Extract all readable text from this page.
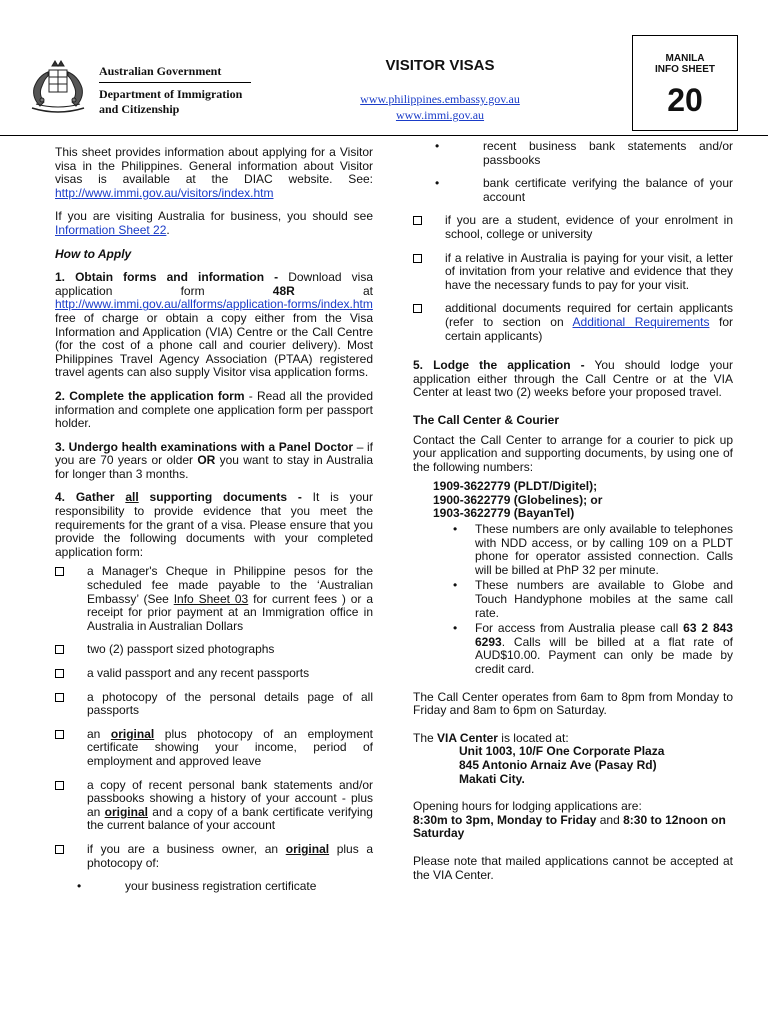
Australian Government
Department of Immigration
and Citizenship
VISITOR VISAS
www.philippines.embassy.gov.au
www.immi.gov.au
MANILA
INFO SHEET
20

This sheet provides information about applying for a Visitor visa in the Philippines. General information about Visitor visas is available at the DIAC website. See: http://www.immi.gov.au/visitors/index.htm

If you are visiting Australia for business, you should see Information Sheet 22.

How to Apply

1. Obtain forms and information - Download visa application form	48R	at http://www.immi.gov.au/allforms/application-forms/index.htm free of charge or obtain a copy either from the Visa Information and Application (VIA) Centre or the Call Centre (for the cost of a phone call and courier delivery). Most Philippines Travel Agency Association (PTAA) registered travel agents can also supply Visitor visa application forms.

2. Complete the application form - Read all the provided information and complete one application form per passport holder.

3. Undergo health examinations with a Panel Doctor – if you are 70 years or older OR you want to stay in Australia for longer than 3 months.

4. Gather all supporting documents - It is your responsibility to provide evidence that you meet the requirements for the grant of a visa. Please ensure that you provide the following documents with your completed application form:

a Manager's Cheque in Philippine pesos for the scheduled fee made payable to the ‘Australian Embassy’ (See Info Sheet 03 for current fees ) or a receipt for prior payment at an Immigration office in Australia in Australian Dollars
two (2) passport sized photographs
a valid passport and any recent passports
a photocopy of the personal details page of all passports
an original plus photocopy of an employment certificate showing your income, period of employment and approved leave
a copy of recent personal bank statements and/or passbooks showing a history of your account - plus an original and a copy of a bank certificate verifying the current balance of your account
if you are a business owner, an original plus a photocopy of:
•	your business registration certificate
•	recent business bank statements and/or passbooks
•	bank certificate verifying the balance of your account
if you are a student, evidence of your enrolment in school, college or university
if a relative in Australia is paying for your visit, a letter of invitation from your relative and evidence that they have the necessary funds to pay for your visit.
additional documents required for certain applicants (refer to section on Additional Requirements for certain applicants)

5. Lodge the application - You should lodge your application either through the Call Centre or at the VIA Center at least two (2) weeks before your proposed travel.

The Call Center & Courier

Contact the Call Center to arrange for a courier to pick up your application and supporting documents, by using one of the following numbers:

1909-3622779 (PLDT/Digitel);
1900-3622779 (Globelines); or
1903-3622779 (BayanTel)
• These numbers are only available to telephones with NDD access, or by calling 109 on a PLDT phone for operator assisted connection. Calls will be billed at PhP 32 per minute.
• These numbers are available to Globe and Touch Handyphone mobiles at the same call rate.
• For access from Australia please call 63 2 843 6293. Calls will be billed at a flat rate of AUD$10.00. Payment can only be made by credit card.

The Call Center operates from 6am to 8pm from Monday to Friday and 8am to 6pm on Saturday.

The VIA Center is located at:

Unit 1003, 10/F One Corporate Plaza
845 Antonio Arnaiz Ave (Pasay Rd)
Makati City.

Opening hours for lodging applications are:

8:30m to 3pm, Monday to Friday and 8:30 to 12noon on Saturday

Please note that mailed applications cannot be accepted at the VIA Center.
